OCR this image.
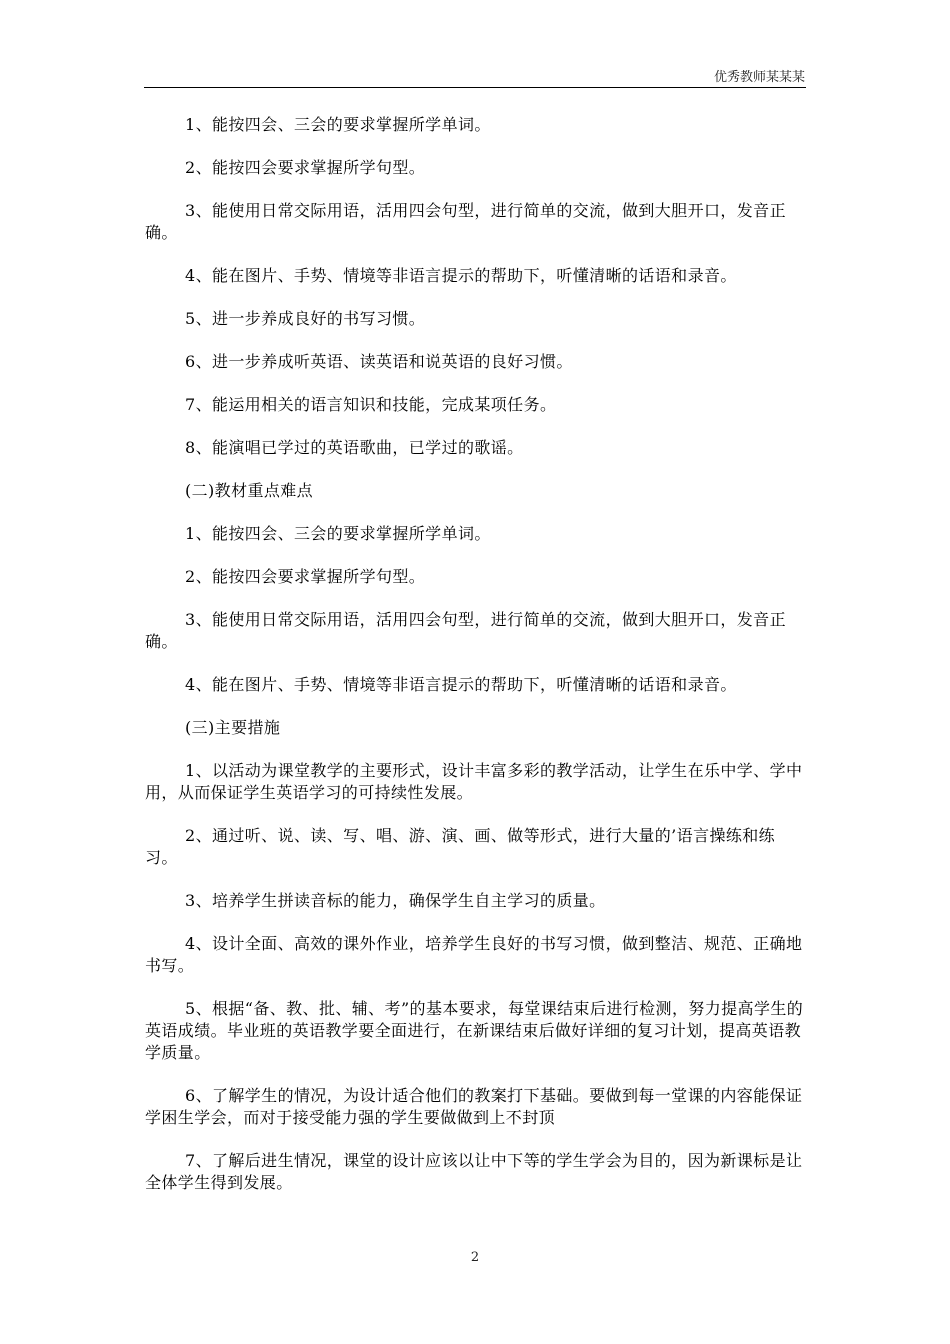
优秀教师某某某

1、能按四会、三会的要求掌握所学单词。

2、能按四会要求掌握所学句型。

3、能使用日常交际用语，活用四会句型，进行简单的交流，做到大胆开口，发音正确。

4、能在图片、手势、情境等非语言提示的帮助下，听懂清晰的话语和录音。

5、进一步养成良好的书写习惯。

6、进一步养成听英语、读英语和说英语的良好习惯。

7、能运用相关的语言知识和技能，完成某项任务。

8、能演唱已学过的英语歌曲，已学过的歌谣。

(二)教材重点难点

1、能按四会、三会的要求掌握所学单词。

2、能按四会要求掌握所学句型。

3、能使用日常交际用语，活用四会句型，进行简单的交流，做到大胆开口，发音正确。

4、能在图片、手势、情境等非语言提示的帮助下，听懂清晰的话语和录音。

(三)主要措施

1、以活动为课堂教学的主要形式，设计丰富多彩的教学活动，让学生在乐中学、学中用，从而保证学生英语学习的可持续性发展。

2、通过听、说、读、写、唱、游、演、画、做等形式，进行大量的’语言操练和练习。

3、培养学生拼读音标的能力，确保学生自主学习的质量。

4、设计全面、高效的课外作业，培养学生良好的书写习惯，做到整洁、规范、正确地书写。

5、根据“备、教、批、辅、考”的基本要求，每堂课结束后进行检测，努力提高学生的英语成绩。毕业班的英语教学要全面进行，在新课结束后做好详细的复习计划，提高英语教学质量。

6、了解学生的情况，为设计适合他们的教案打下基础。要做到每一堂课的内容能保证学困生学会，而对于接受能力强的学生要做做到上不封顶

7、了解后进生情况，课堂的设计应该以让中下等的学生学会为目的，因为新课标是让全体学生得到发展。

2
